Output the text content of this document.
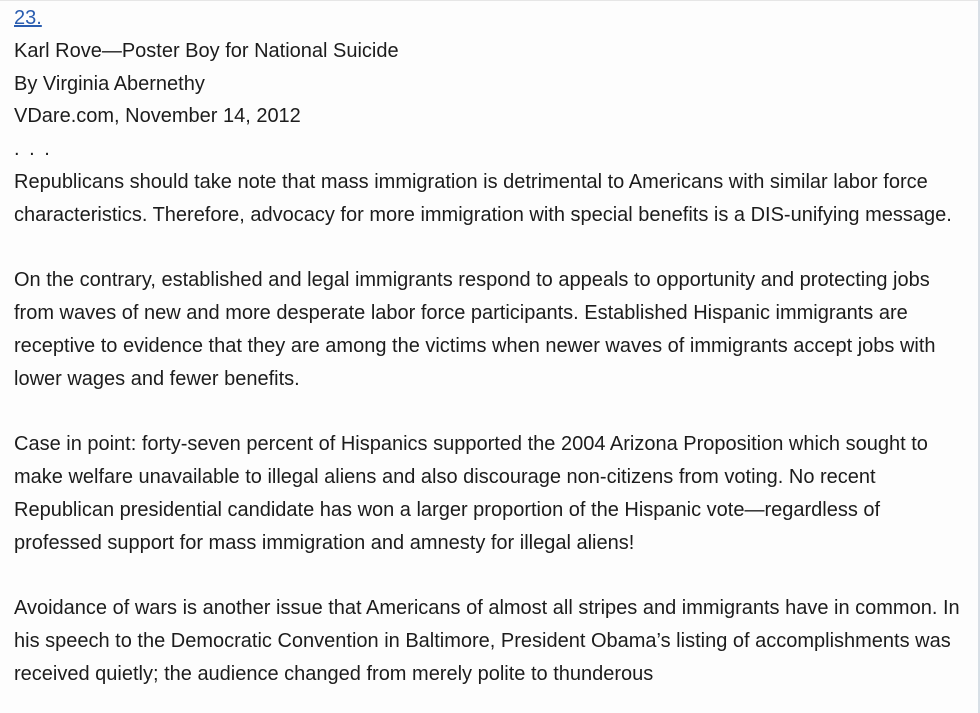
23.
Karl Rove—Poster Boy for National Suicide
By Virginia Abernethy
VDare.com, November 14, 2012
. . .

Republicans should take note that mass immigration is detrimental to Americans with similar labor force characteristics. Therefore, advocacy for more immigration with special benefits is a DIS-unifying message.

On the contrary, established and legal immigrants respond to appeals to opportunity and protecting jobs from waves of new and more desperate labor force participants. Established Hispanic immigrants are receptive to evidence that they are among the victims when newer waves of immigrants accept jobs with lower wages and fewer benefits.

Case in point: forty-seven percent of Hispanics supported the 2004 Arizona Proposition which sought to make welfare unavailable to illegal aliens and also discourage non-citizens from voting. No recent Republican presidential candidate has won a larger proportion of the Hispanic vote—regardless of professed support for mass immigration and amnesty for illegal aliens!

Avoidance of wars is another issue that Americans of almost all stripes and immigrants have in common. In his speech to the Democratic Convention in Baltimore, President Obama’s listing of accomplishments was received quietly; the audience changed from merely polite to thunderous
